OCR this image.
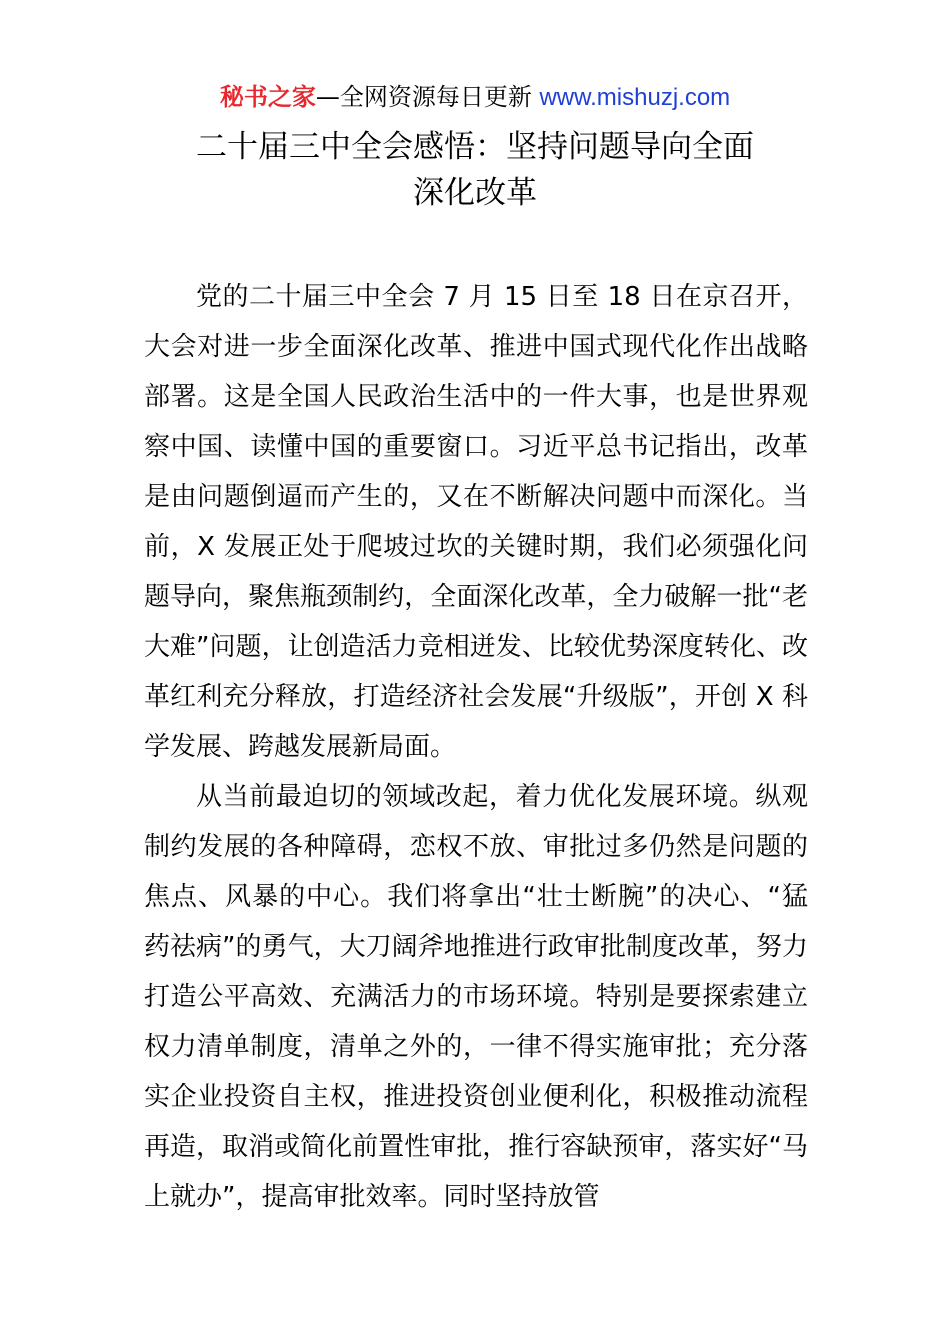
秘书之家—全网资源每日更新 www.mishuzj.com
二十届三中全会感悟：坚持问题导向全面
深化改革

党的二十届三中全会 7 月 15 日至 18 日在京召开，大会对进一步全面深化改革、推进中国式现代化作出战略部署。这是全国人民政治生活中的一件大事，也是世界观察中国、读懂中国的重要窗口。习近平总书记指出，改革是由问题倒逼而产生的，又在不断解决问题中而深化。当前，X 发展正处于爬坡过坎的关键时期，我们必须强化问题导向，聚焦瓶颈制约，全面深化改革，全力破解一批“老大难”问题，让创造活力竞相迸发、比较优势深度转化、改革红利充分释放，打造经济社会发展“升级版”，开创 X 科学发展、跨越发展新局面。

从当前最迫切的领域改起，着力优化发展环境。纵观制约发展的各种障碍，恋权不放、审批过多仍然是问题的焦点、风暴的中心。我们将拿出“壮士断腕”的决心、“猛药祛病”的勇气，大刀阔斧地推进行政审批制度改革，努力打造公平高效、充满活力的市场环境。特别是要探索建立权力清单制度，清单之外的，一律不得实施审批；充分落实企业投资自主权，推进投资创业便利化，积极推动流程再造，取消或简化前置性审批，推行容缺预审，落实好“马上就办”，提高审批效率。同时坚持放管
